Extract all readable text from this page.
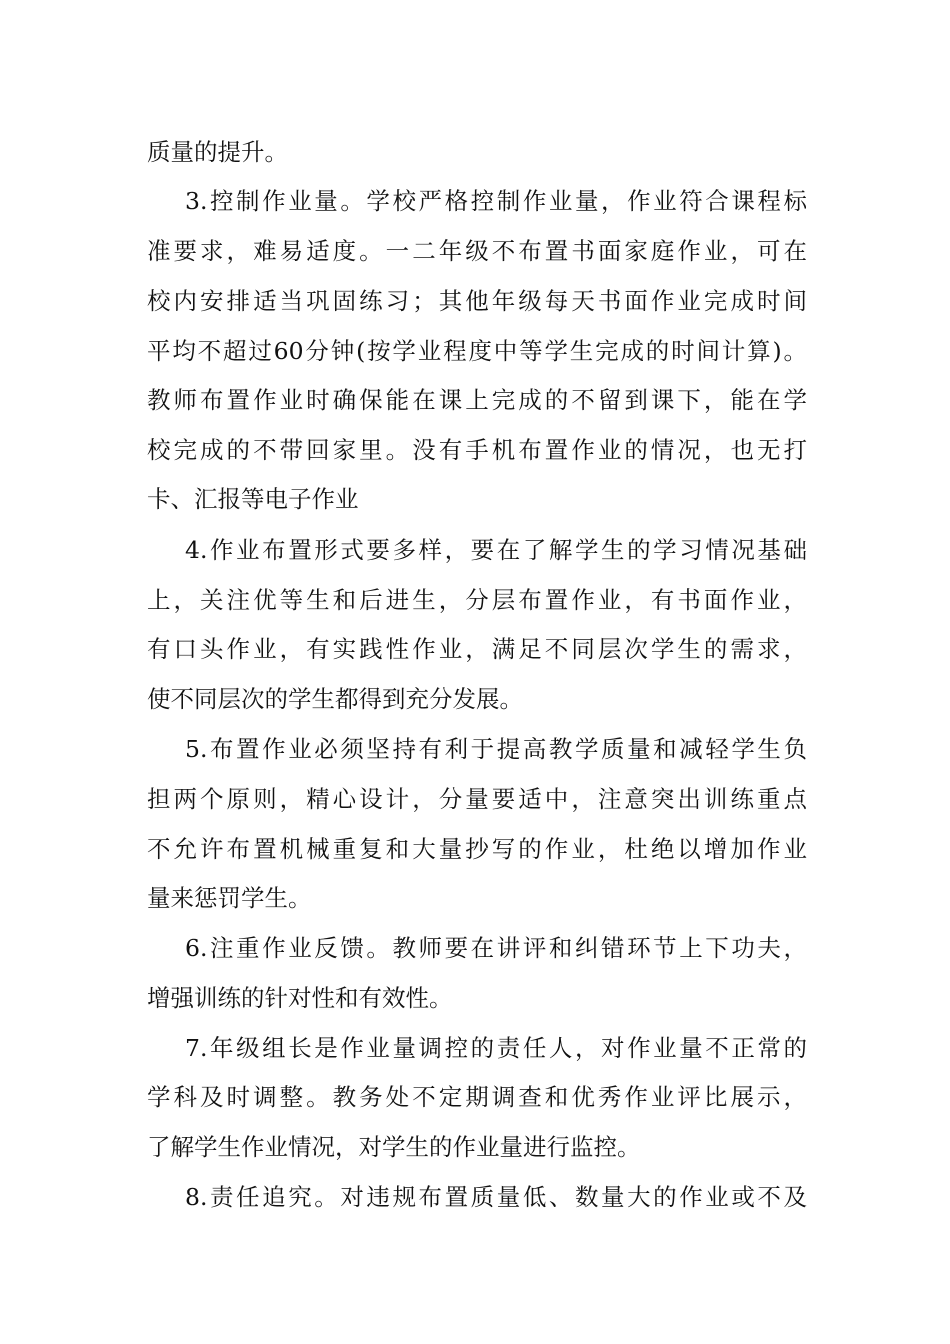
质量的提升。
3.控制作业量。学校严格控制作业量，作业符合课程标
准要求，难易适度。一二年级不布置书面家庭作业，可在
校内安排适当巩固练习；其他年级每天书面作业完成时间
平均不超过60分钟(按学业程度中等学生完成的时间计算)。
教师布置作业时确保能在课上完成的不留到课下，能在学
校完成的不带回家里。没有手机布置作业的情况，也无打
卡、汇报等电子作业
4.作业布置形式要多样，要在了解学生的学习情况基础
上，关注优等生和后进生，分层布置作业，有书面作业，
有口头作业，有实践性作业，满足不同层次学生的需求，
使不同层次的学生都得到充分发展。
5.布置作业必须坚持有利于提高教学质量和减轻学生负
担两个原则，精心设计，分量要适中，注意突出训练重点
不允许布置机械重复和大量抄写的作业，杜绝以增加作业
量来惩罚学生。
6.注重作业反馈。教师要在讲评和纠错环节上下功夫，
增强训练的针对性和有效性。
7.年级组长是作业量调控的责任人，对作业量不正常的
学科及时调整。教务处不定期调查和优秀作业评比展示，
了解学生作业情况，对学生的作业量进行监控。
8.责任追究。对违规布置质量低、数量大的作业或不及
